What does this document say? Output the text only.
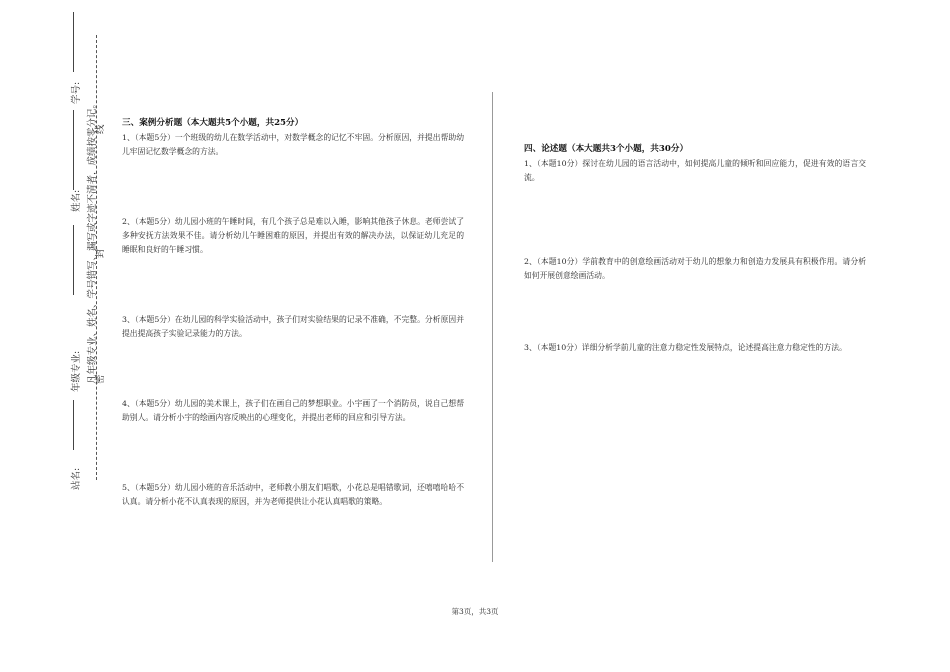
学号:
姓名:
年级专业:
站名:
凡年级专业、姓名、学号错写、漏写或字迹不清者，成绩按零分记。
密
封
线

三、案例分析题（本大题共5个小题，共25分）

1、（本题5分）一个班级的幼儿在数学活动中，对数学概念的记忆不牢固。分析原因，并提出帮助幼儿牢固记忆数学概念的方法。

2、（本题5分）幼儿园小班的午睡时间，有几个孩子总是难以入睡，影响其他孩子休息。老师尝试了多种安抚方法效果不佳。请分析幼儿午睡困难的原因，并提出有效的解决办法，以保证幼儿充足的睡眠和良好的午睡习惯。

3、（本题5分）在幼儿园的科学实验活动中，孩子们对实验结果的记录不准确，不完整。分析原因并提出提高孩子实验记录能力的方法。

4、（本题5分）幼儿园的美术课上，孩子们在画自己的梦想职业。小宇画了一个消防员，说自己想帮助别人。请分析小宇的绘画内容反映出的心理变化，并提出老师的回应和引导方法。

5、（本题5分）幼儿园小班的音乐活动中，老师教小朋友们唱歌，小花总是唱错歌词，还嘻嘻哈哈不认真。请分析小花不认真表现的原因，并为老师提供让小花认真唱歌的策略。

四、论述题（本大题共3个小题，共30分）

1、（本题10分）探讨在幼儿园的语言活动中，如何提高儿童的倾听和回应能力，促进有效的语言交流。

2、（本题10分）学前教育中的创意绘画活动对于幼儿的想象力和创造力发展具有积极作用。请分析如何开展创意绘画活动。

3、（本题10分）详细分析学前儿童的注意力稳定性发展特点，论述提高注意力稳定性的方法。

第3页，共3页
